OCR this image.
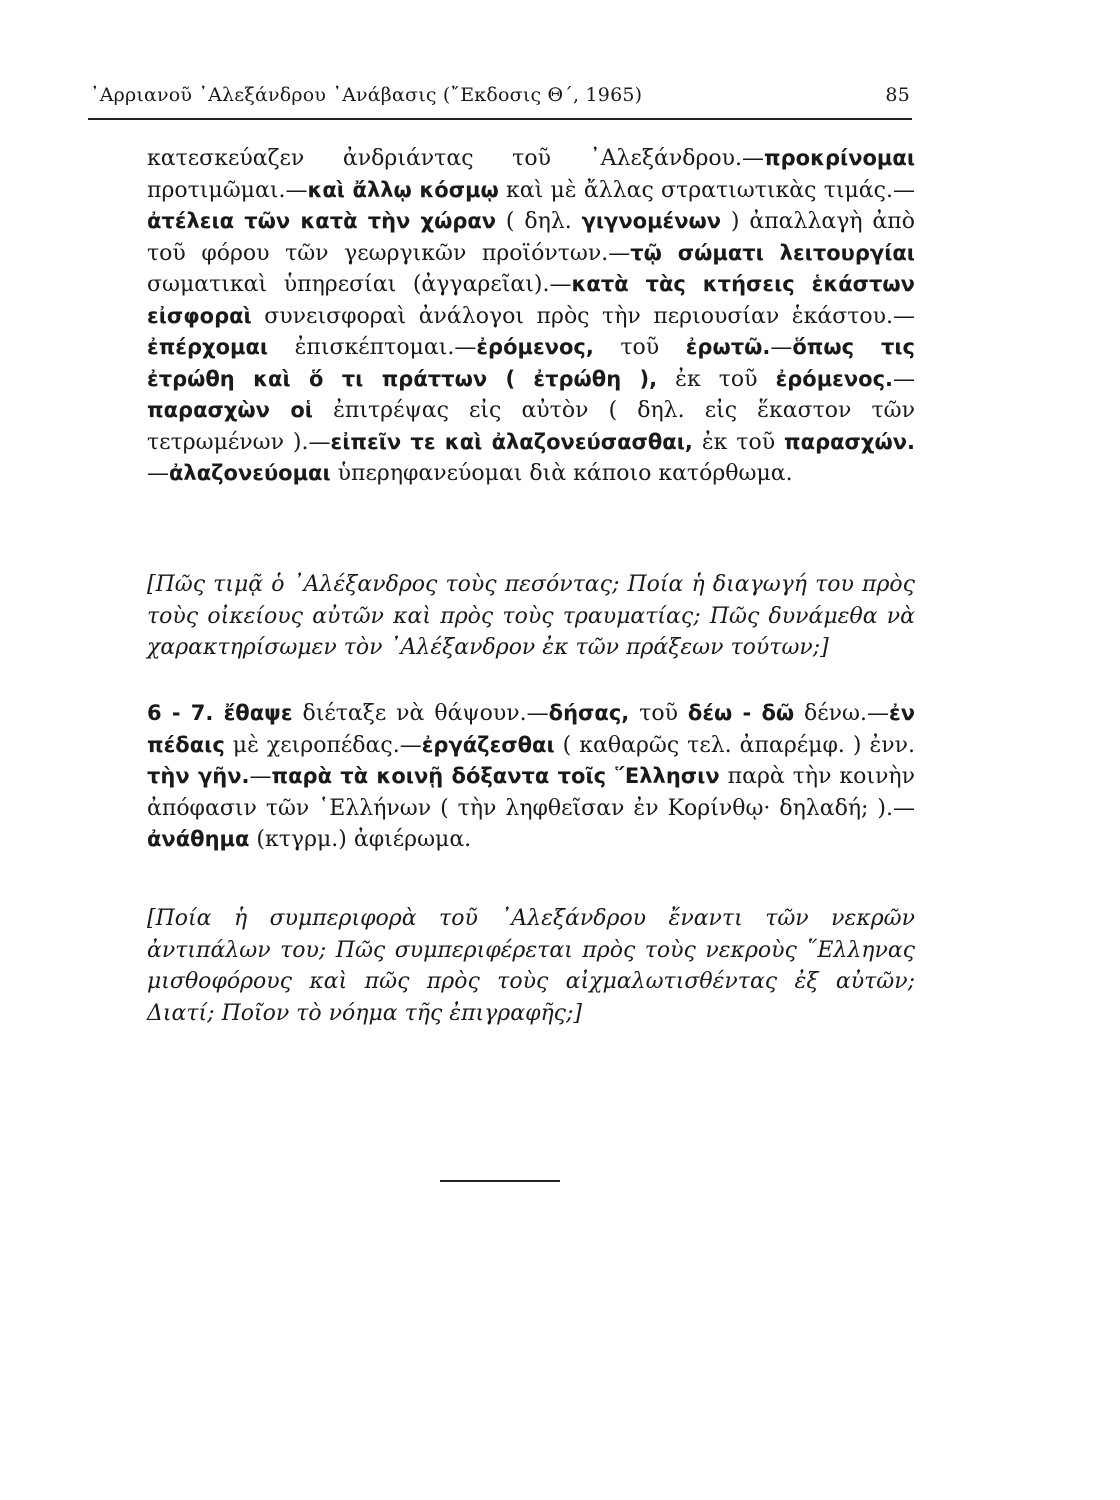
᾿Αρριανοῦ ᾿Αλεξάνδρου ᾿Ανάβασις (῎Εκδοσις Θ΄, 1965)	85

κατεσκεύαζεν ἀνδριάντας τοῦ ᾿Αλεξάνδρου.—προκρίνομαι προτιμῶμαι.—καὶ ἄλλῳ κόσμῳ καὶ μὲ ἄλλας στρατιωτικὰς τιμάς.—ἀτέλεια τῶν κατὰ τὴν χώραν ( δηλ. γιγνομένων ) ἀπαλλαγὴ ἀπὸ τοῦ φόρου τῶν γεωργικῶν προϊόντων.—τῷ σώματι λειτουργίαι σωματικαὶ ὑπηρεσίαι (ἀγγαρεῖαι).—κατὰ τὰς κτήσεις ἑκάστων εἰσφοραὶ συνεισφοραὶ ἀνάλογοι πρὸς τὴν περιουσίαν ἑκάστου.—ἐπέρχομαι ἐπισκέπτομαι.—ἐρόμενος, τοῦ ἐρωτῶ.—ὅπως τις ἐτρώθη καὶ ὅ τι πράττων ( ἐτρώθη ), ἐκ τοῦ ἐρόμενος.—παρασχὼν οἱ ἐπιτρέψας εἰς αὐτὸν ( δηλ. εἰς ἕκαστον τῶν τετρωμένων ).—εἰπεῖν τε καὶ ἀλαζονεύσασθαι, ἐκ τοῦ παρασχών.—ἀλαζονεύομαι ὑπερηφανεύομαι διὰ κάποιο κατόρθωμα.

[Πῶς τιμᾷ ὁ ᾿Αλέξανδρος τοὺς πεσόντας; Ποία ἡ διαγωγή του πρὸς τοὺς οἰκείους αὐτῶν καὶ πρὸς τοὺς τραυματίας; Πῶς δυνάμεθα νὰ χαρακτηρίσωμεν τὸν ᾿Αλέξανδρον ἐκ τῶν πράξεων τούτων;]

6 - 7. ἔθαψε διέταξε νὰ θάψουν.—δήσας, τοῦ δέω - δῶ δένω.—ἐν πέδαις μὲ χειροπέδας.—ἐργάζεσθαι ( καθαρῶς τελ. ἀπαρέμφ. ) ἐνν. τὴν γῆν.—παρὰ τὰ κοινῇ δόξαντα τοῖς ῞Ελλησιν παρὰ τὴν κοινὴν ἀπόφασιν τῶν ῾Ελλήνων ( τὴν ληφθεῖσαν ἐν Κορίνθῳ· δηλαδή; ).—ἀνάθημα (κτγρμ.) ἀφιέρωμα.

[Ποία ἡ συμπεριφορὰ τοῦ ᾿Αλεξάνδρου ἔναντι τῶν νεκρῶν ἀντιπάλων του; Πῶς συμπεριφέρεται πρὸς τοὺς νεκροὺς ῞Ελληνας μισθοφόρους καὶ πῶς πρὸς τοὺς αἰχμαλωτισθέντας ἐξ αὐτῶν; Διατί; Ποῖον τὸ νόημα τῆς ἐπιγραφῆς;]
